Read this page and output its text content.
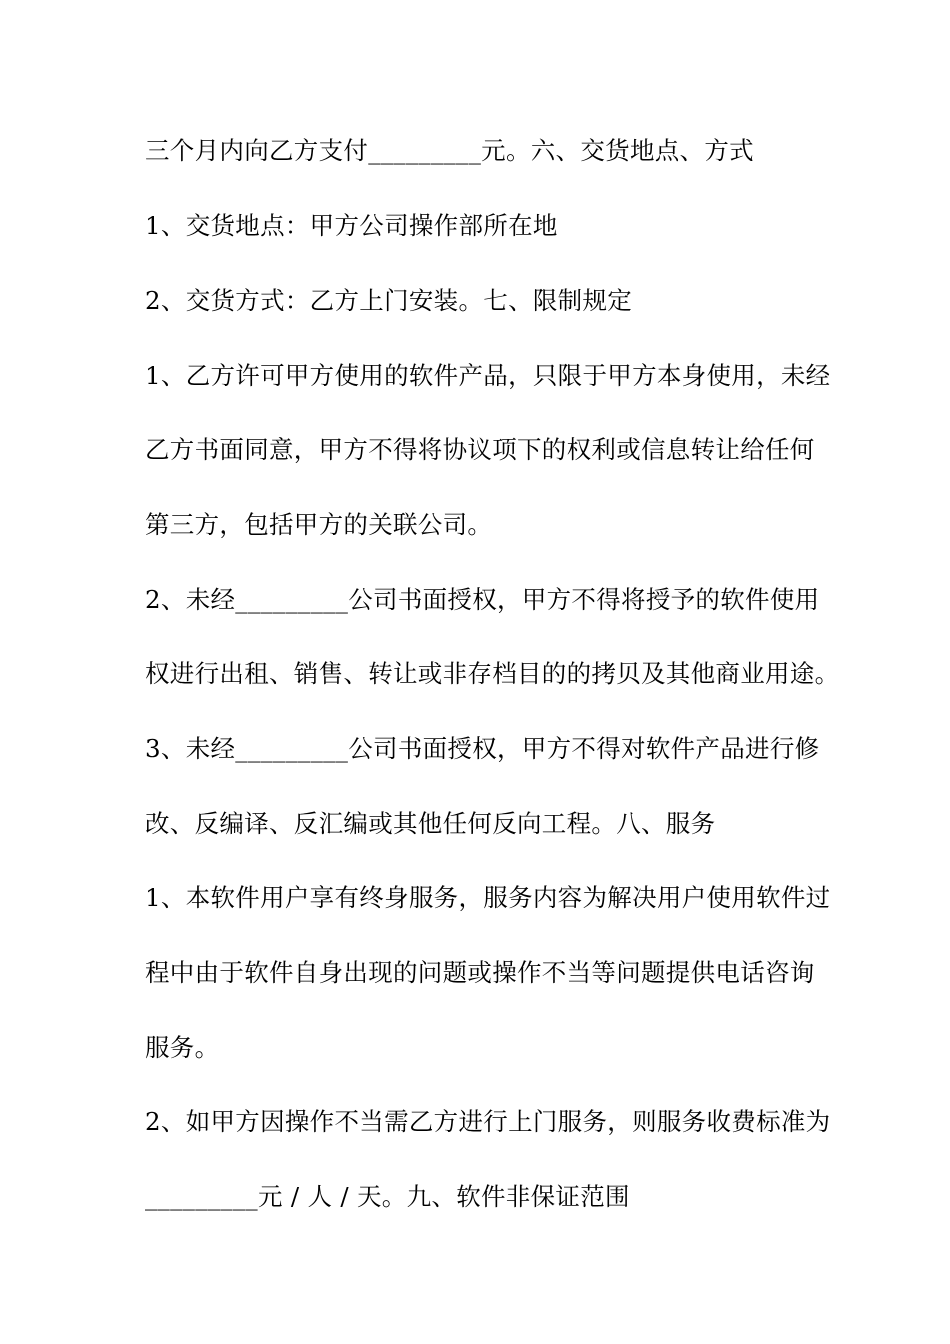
三个月内向乙方支付_________元。六、交货地点、方式
1、交货地点：甲方公司操作部所在地
2、交货方式：乙方上门安装。七、限制规定
1、乙方许可甲方使用的软件产品，只限于甲方本身使用，未经
乙方书面同意，甲方不得将协议项下的权利或信息转让给任何
第三方，包括甲方的关联公司。
2、未经_________公司书面授权，甲方不得将授予的软件使用
权进行出租、销售、转让或非存档目的的拷贝及其他商业用途。
3、未经_________公司书面授权，甲方不得对软件产品进行修
改、反编译、反汇编或其他任何反向工程。八、服务
1、本软件用户享有终身服务，服务内容为解决用户使用软件过
程中由于软件自身出现的问题或操作不当等问题提供电话咨询
服务。
2、如甲方因操作不当需乙方进行上门服务，则服务收费标准为
_________元 / 人 / 天。九、软件非保证范围
